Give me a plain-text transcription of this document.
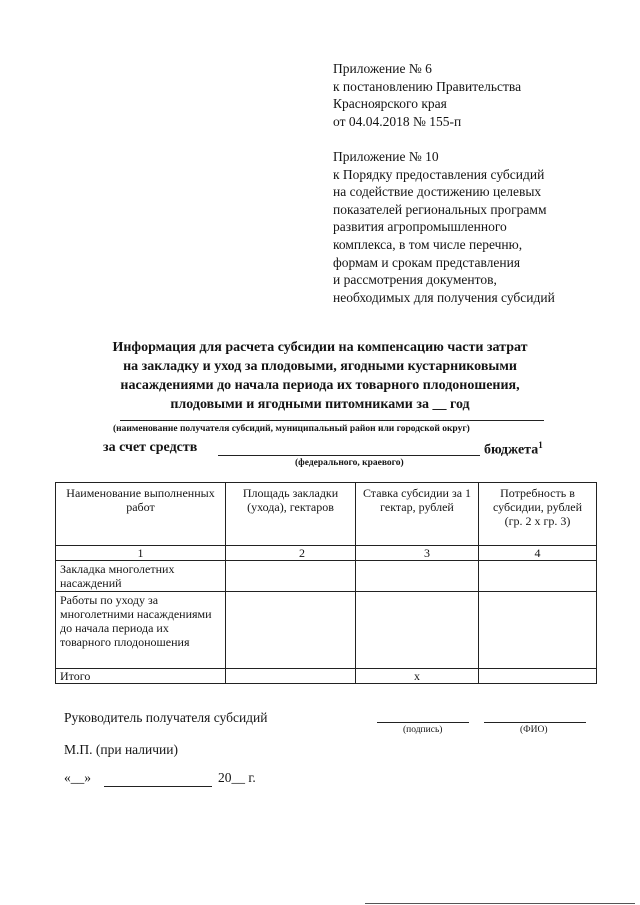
Приложение № 6
к постановлению Правительства
Красноярского края
от 04.04.2018 № 155-п
Приложение № 10
к Порядку предоставления субсидий
на содействие достижению целевых
показателей региональных программ
развития агропромышленного
комплекса, в том числе перечню,
формам и срокам представления
и рассмотрения документов,
необходимых для получения субсидий
Информация для расчета субсидии на компенсацию части затрат
на закладку и уход за плодовыми, ягодными кустарниковыми
насаждениями до начала периода их товарного плодоношения,
плодовыми и ягодными питомниками за __ год
(наименование получателя субсидий, муниципальный район или городской округ)
за счет средств	бюджета$^1$
(федерального, краевого)
Наименование выполненных работ	Площадь закладки (ухода), гектаров	Ставка субсидии за 1 гектар, рублей	Потребность в субсидии, рублей (гр. 2 х гр. 3)
1	2	3	4
Закладка многолетних насаждений			
Работы по уходу за многолетними насаждениями до начала периода их товарного плодоношения			
Итого		х	
Руководитель получателя субсидий
(подпись)	(ФИО)
М.П. (при наличии)
«__»	20__ г.
